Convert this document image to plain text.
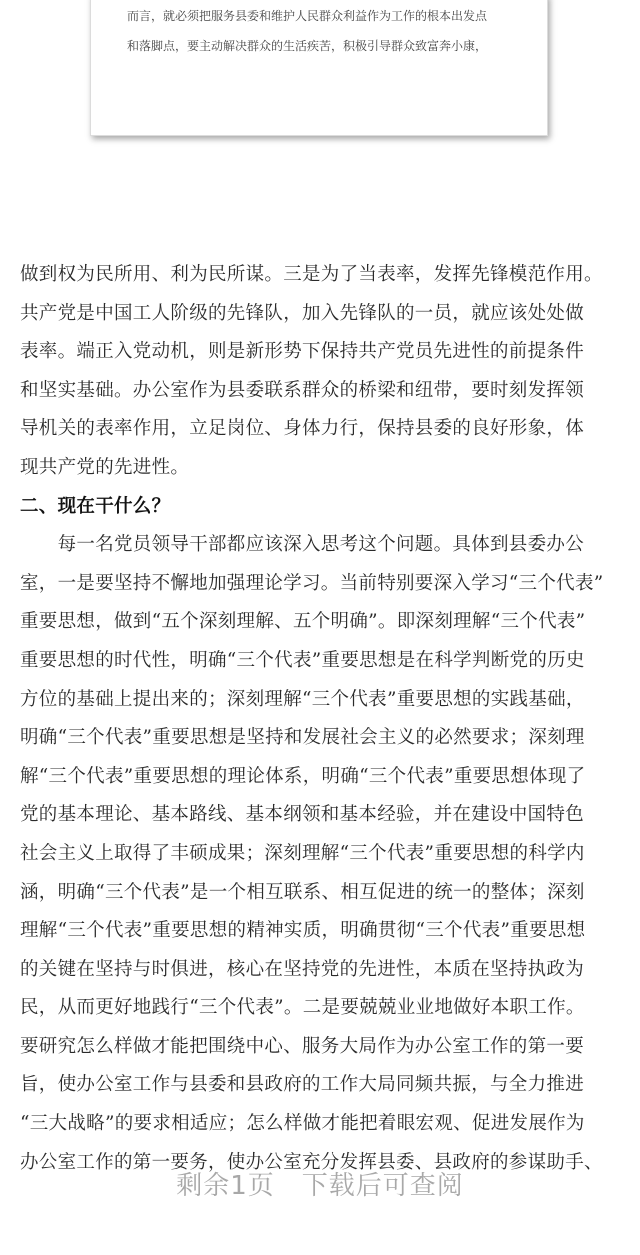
而言，就必须把服务县委和维护人民群众利益作为工作的根本出发点
和落脚点，要主动解决群众的生活疾苦，积极引导群众致富奔小康，
做到权为民所用、利为民所谋。三是为了当表率，发挥先锋模范作用。
共产党是中国工人阶级的先锋队，加入先锋队的一员，就应该处处做
表率。端正入党动机，则是新形势下保持共产党员先进性的前提条件
和坚实基础。办公室作为县委联系群众的桥梁和纽带，要时刻发挥领
导机关的表率作用，立足岗位、身体力行，保持县委的良好形象，体
现共产党的先进性。
二、现在干什么？
　　每一名党员领导干部都应该深入思考这个问题。具体到县委办公
室，一是要坚持不懈地加强理论学习。当前特别要深入学习“三个代表”
重要思想，做到“五个深刻理解、五个明确”。即深刻理解“三个代表”
重要思想的时代性，明确“三个代表”重要思想是在科学判断党的历史
方位的基础上提出来的；深刻理解“三个代表”重要思想的实践基础，
明确“三个代表”重要思想是坚持和发展社会主义的必然要求；深刻理
解“三个代表”重要思想的理论体系，明确“三个代表”重要思想体现了
党的基本理论、基本路线、基本纲领和基本经验，并在建设中国特色
社会主义上取得了丰硕成果；深刻理解“三个代表”重要思想的科学内
涵，明确“三个代表”是一个相互联系、相互促进的统一的整体；深刻
理解“三个代表”重要思想的精神实质，明确贯彻“三个代表”重要思想
的关键在坚持与时俱进，核心在坚持党的先进性，本质在坚持执政为
民，从而更好地践行“三个代表”。二是要兢兢业业地做好本职工作。
要研究怎么样做才能把围绕中心、服务大局作为办公室工作的第一要
旨，使办公室工作与县委和县政府的工作大局同频共振，与全力推进
“三大战略”的要求相适应；怎么样做才能把着眼宏观、促进发展作为
办公室工作的第一要务，使办公室充分发挥县委、县政府的参谋助手、
剩余1页　下载后可查阅
